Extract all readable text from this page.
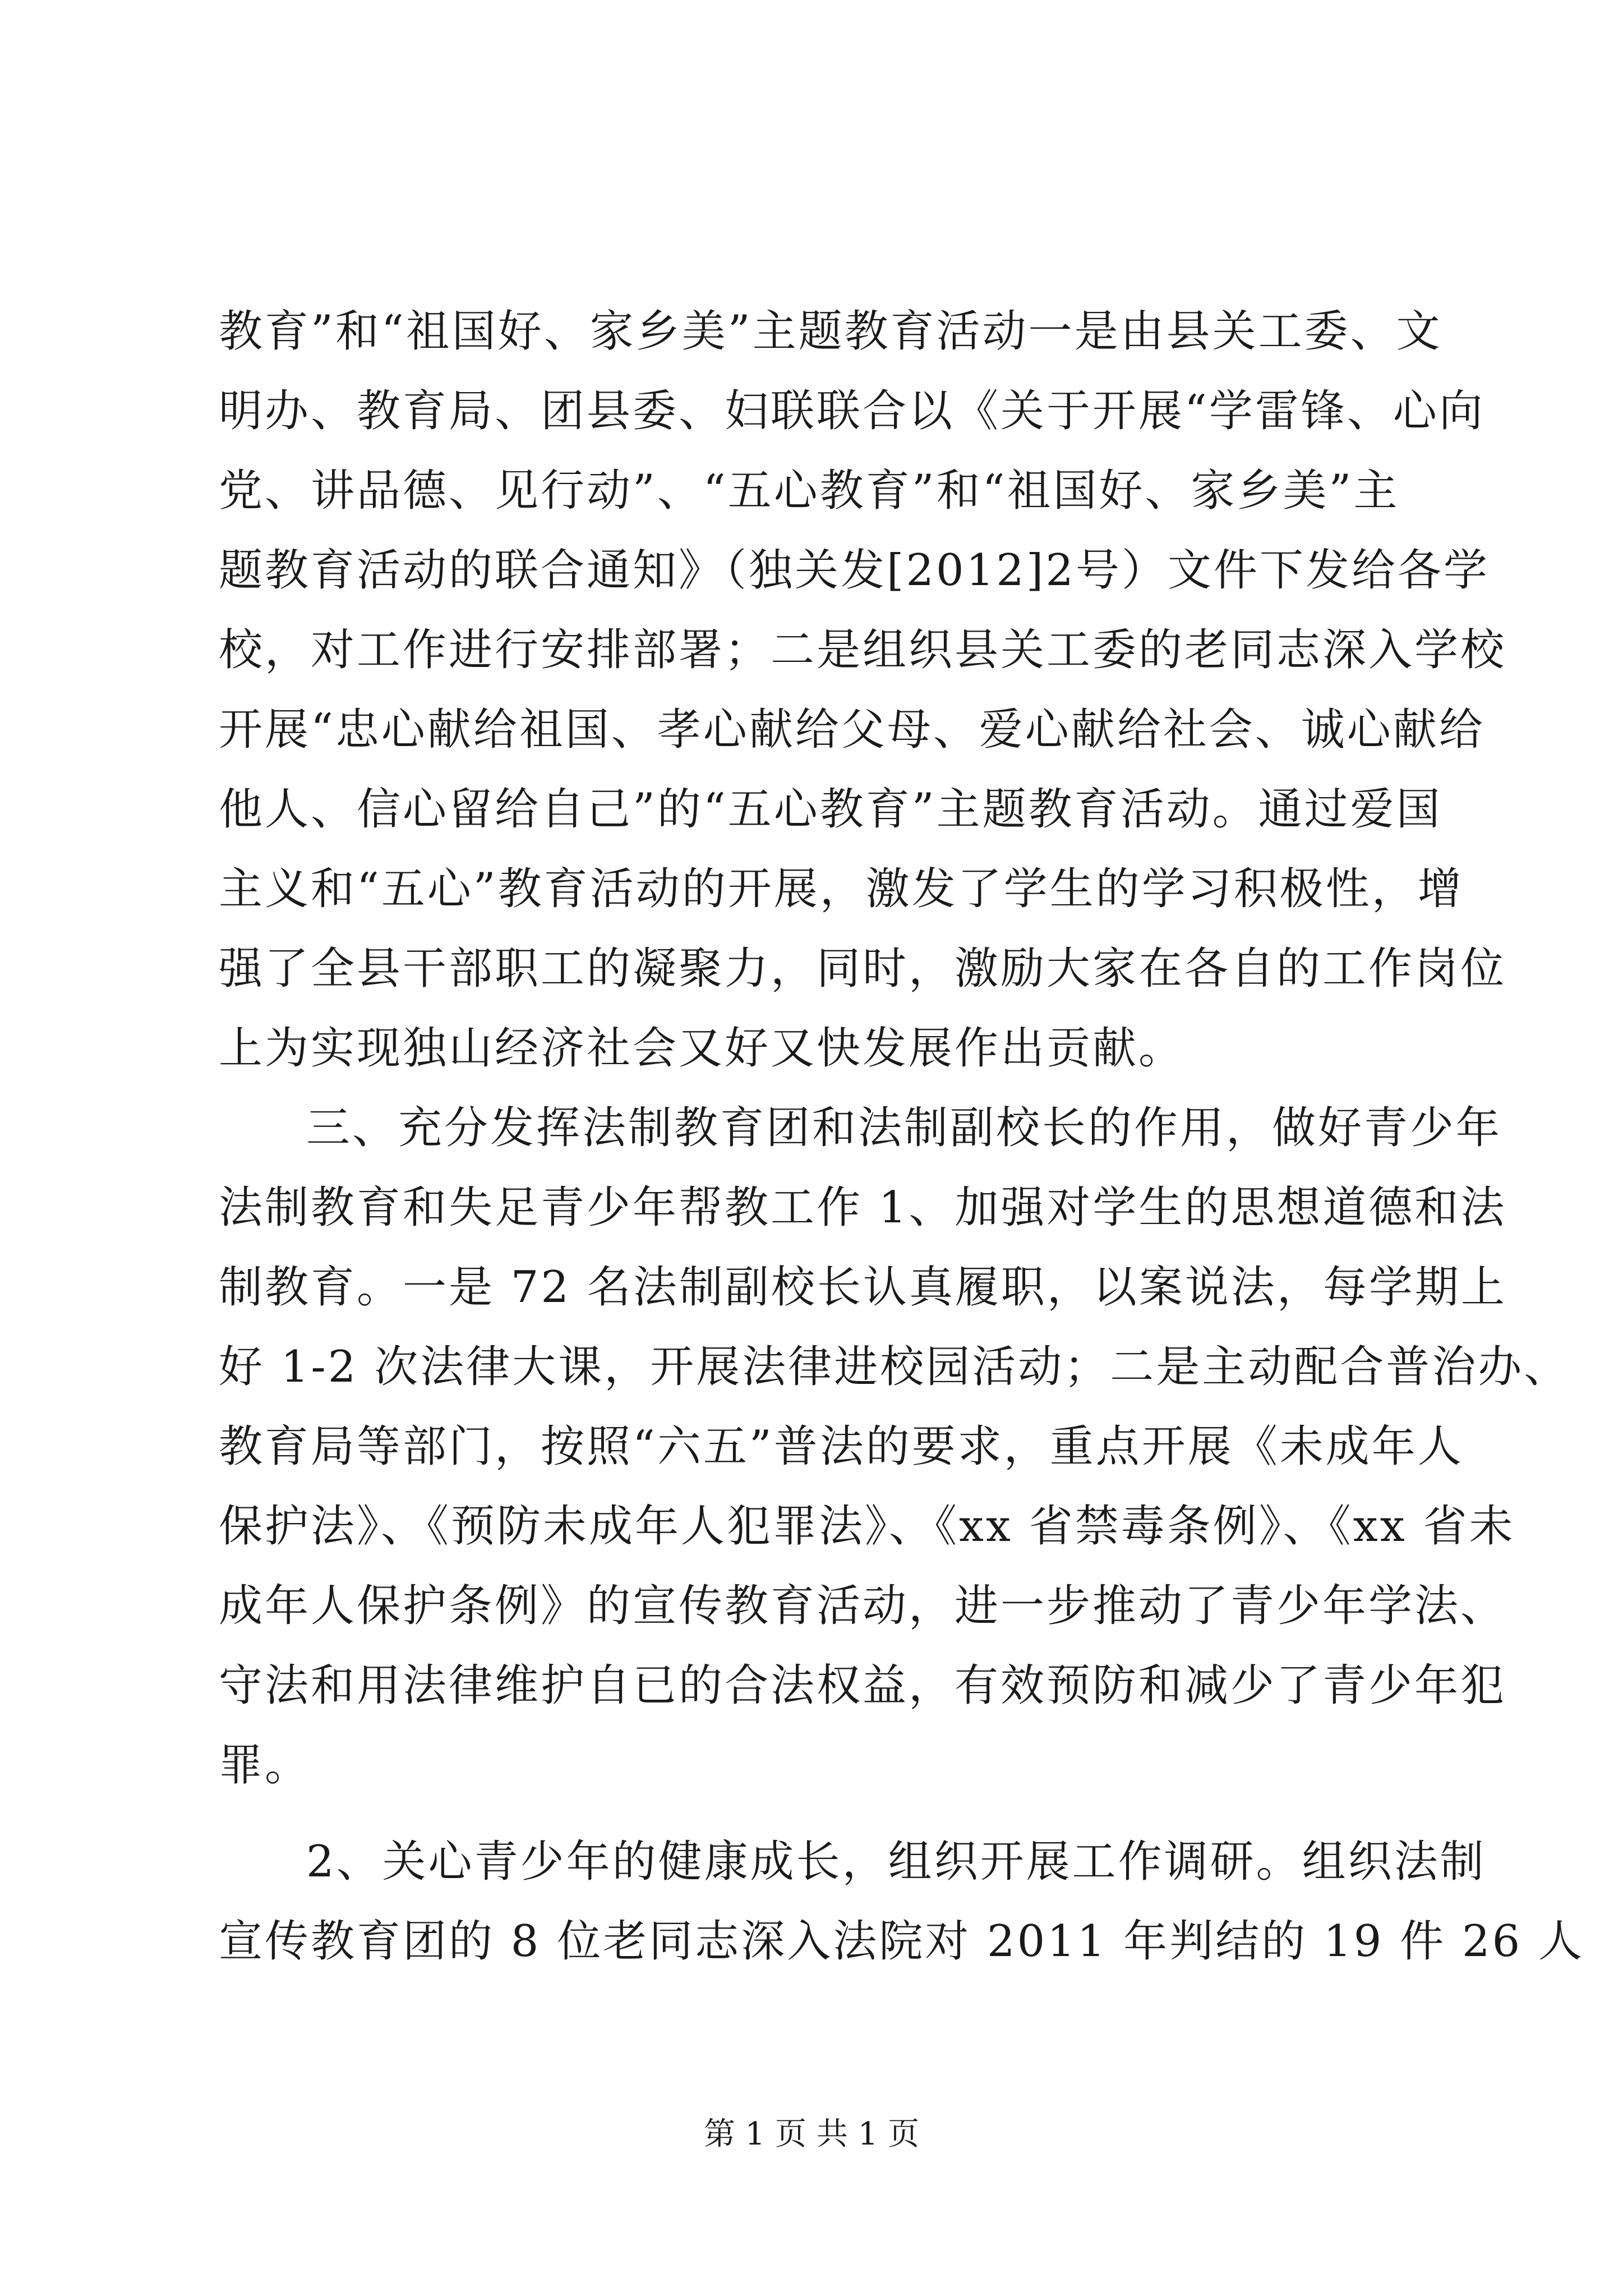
教育”和“祖国好、家乡美”主题教育活动一是由县关工委、文
明办、教育局、团县委、妇联联合以《关于开展“学雷锋、心向
党、讲品德、见行动”、“五心教育”和“祖国好、家乡美”主
题教育活动的联合通知》（独关发[2012]2号）文件下发给各学
校，对工作进行安排部署；二是组织县关工委的老同志深入学校
开展“忠心献给祖国、孝心献给父母、爱心献给社会、诚心献给
他人、信心留给自己”的“五心教育”主题教育活动。通过爱国
主义和“五心”教育活动的开展，激发了学生的学习积极性，增
强了全县干部职工的凝聚力，同时，激励大家在各自的工作岗位
上为实现独山经济社会又好又快发展作出贡献。
三、充分发挥法制教育团和法制副校长的作用，做好青少年
法制教育和失足青少年帮教工作 1、加强对学生的思想道德和法
制教育。一是 72 名法制副校长认真履职，以案说法，每学期上
好 1-2 次法律大课，开展法律进校园活动；二是主动配合普治办、
教育局等部门，按照“六五”普法的要求，重点开展《未成年人
保护法》、《预防未成年人犯罪法》、《xx 省禁毒条例》、《xx 省未
成年人保护条例》的宣传教育活动，进一步推动了青少年学法、
守法和用法律维护自已的合法权益，有效预防和减少了青少年犯
罪。
2、关心青少年的健康成长，组织开展工作调研。组织法制
宣传教育团的 8 位老同志深入法院对 2011 年判结的 19 件 26 人
第 1 页 共 1 页
